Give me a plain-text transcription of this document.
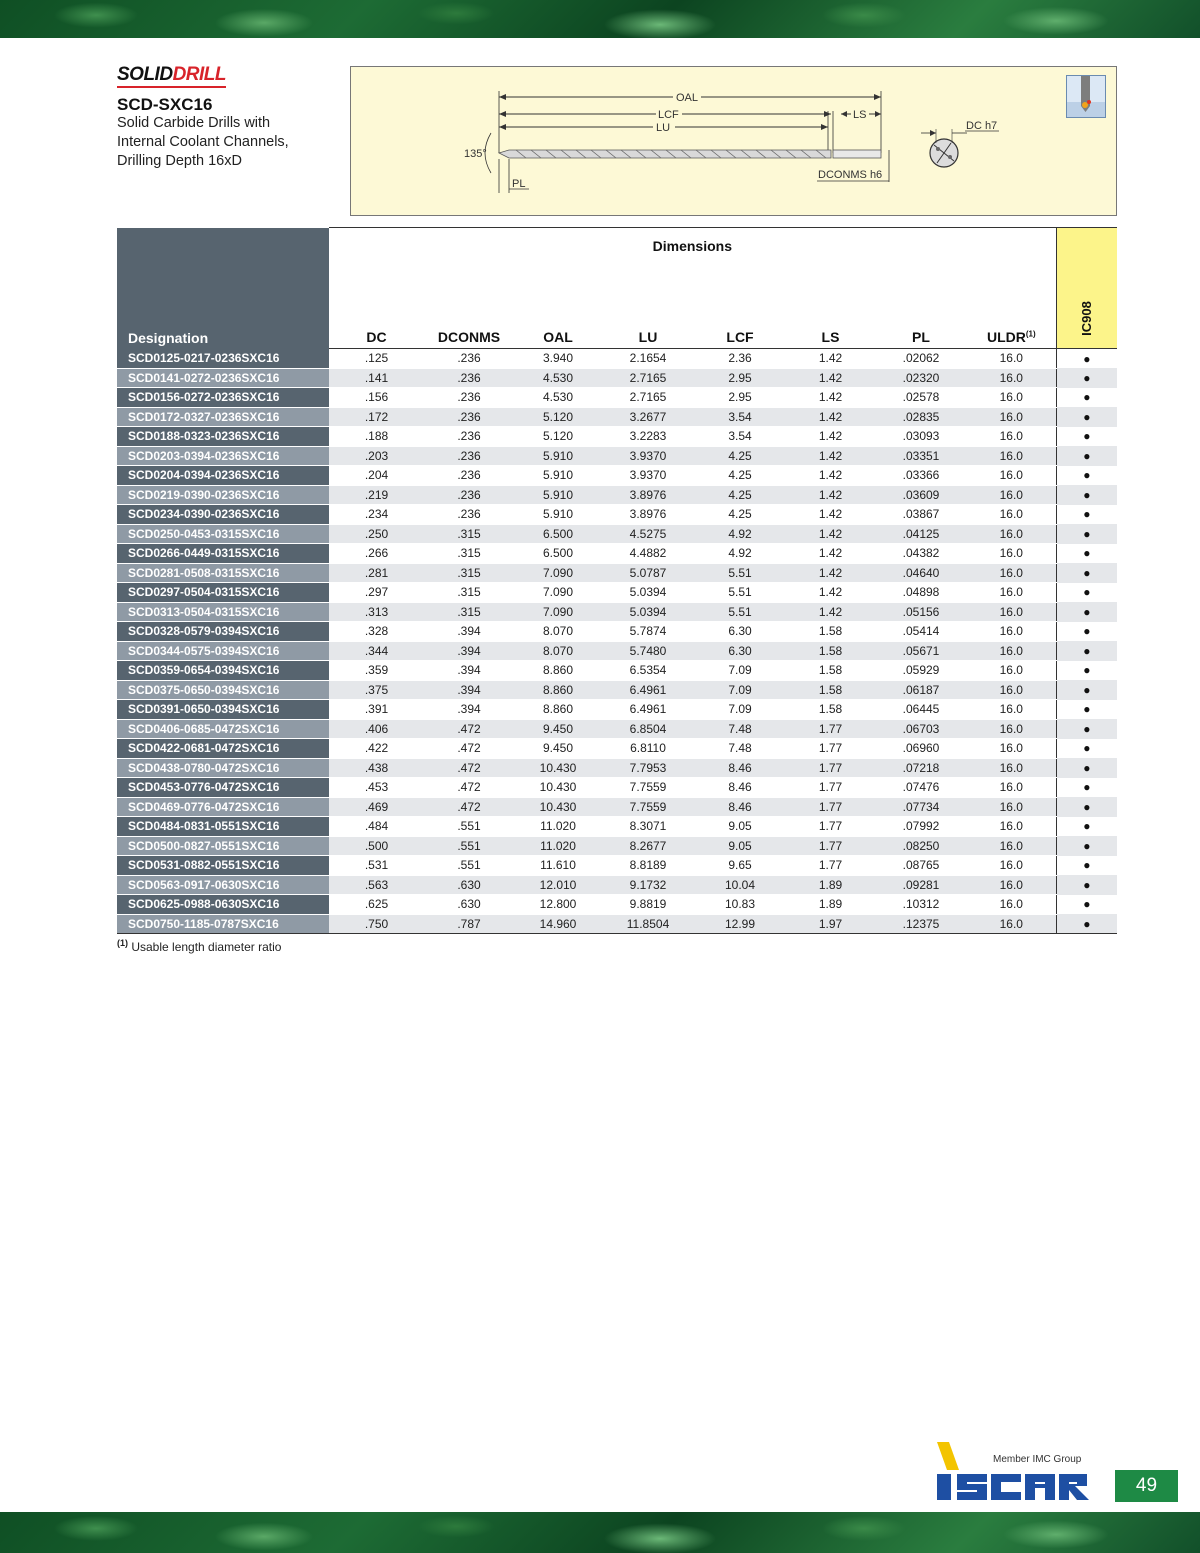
SOLIDDRILL
SCD-SXC16
Solid Carbide Drills with
Internal Coolant Channels,
Drilling Depth 16xD
OAL
LCF
LU
LS
135°
PL
DCONMS h6
DC h7
Designation	Dimensions								IC908

	DC	DCONMS	OAL	LU	LCF	LS	PL	ULDR$^{(1)}$
SCD0125-0217-0236SXC16	.125	.236	3.940	2.1654	2.36	1.42	.02062	16.0	●
SCD0141-0272-0236SXC16	.141	.236	4.530	2.7165	2.95	1.42	.02320	16.0	●
SCD0156-0272-0236SXC16	.156	.236	4.530	2.7165	2.95	1.42	.02578	16.0	●
SCD0172-0327-0236SXC16	.172	.236	5.120	3.2677	3.54	1.42	.02835	16.0	●
SCD0188-0323-0236SXC16	.188	.236	5.120	3.2283	3.54	1.42	.03093	16.0	●
SCD0203-0394-0236SXC16	.203	.236	5.910	3.9370	4.25	1.42	.03351	16.0	●
SCD0204-0394-0236SXC16	.204	.236	5.910	3.9370	4.25	1.42	.03366	16.0	●
SCD0219-0390-0236SXC16	.219	.236	5.910	3.8976	4.25	1.42	.03609	16.0	●
SCD0234-0390-0236SXC16	.234	.236	5.910	3.8976	4.25	1.42	.03867	16.0	●
SCD0250-0453-0315SXC16	.250	.315	6.500	4.5275	4.92	1.42	.04125	16.0	●
SCD0266-0449-0315SXC16	.266	.315	6.500	4.4882	4.92	1.42	.04382	16.0	●
SCD0281-0508-0315SXC16	.281	.315	7.090	5.0787	5.51	1.42	.04640	16.0	●
SCD0297-0504-0315SXC16	.297	.315	7.090	5.0394	5.51	1.42	.04898	16.0	●
SCD0313-0504-0315SXC16	.313	.315	7.090	5.0394	5.51	1.42	.05156	16.0	●
SCD0328-0579-0394SXC16	.328	.394	8.070	5.7874	6.30	1.58	.05414	16.0	●
SCD0344-0575-0394SXC16	.344	.394	8.070	5.7480	6.30	1.58	.05671	16.0	●
SCD0359-0654-0394SXC16	.359	.394	8.860	6.5354	7.09	1.58	.05929	16.0	●
SCD0375-0650-0394SXC16	.375	.394	8.860	6.4961	7.09	1.58	.06187	16.0	●
SCD0391-0650-0394SXC16	.391	.394	8.860	6.4961	7.09	1.58	.06445	16.0	●
SCD0406-0685-0472SXC16	.406	.472	9.450	6.8504	7.48	1.77	.06703	16.0	●
SCD0422-0681-0472SXC16	.422	.472	9.450	6.8110	7.48	1.77	.06960	16.0	●
SCD0438-0780-0472SXC16	.438	.472	10.430	7.7953	8.46	1.77	.07218	16.0	●
SCD0453-0776-0472SXC16	.453	.472	10.430	7.7559	8.46	1.77	.07476	16.0	●
SCD0469-0776-0472SXC16	.469	.472	10.430	7.7559	8.46	1.77	.07734	16.0	●
SCD0484-0831-0551SXC16	.484	.551	11.020	8.3071	9.05	1.77	.07992	16.0	●
SCD0500-0827-0551SXC16	.500	.551	11.020	8.2677	9.05	1.77	.08250	16.0	●
SCD0531-0882-0551SXC16	.531	.551	11.610	8.8189	9.65	1.77	.08765	16.0	●
SCD0563-0917-0630SXC16	.563	.630	12.010	9.1732	10.04	1.89	.09281	16.0	●
SCD0625-0988-0630SXC16	.625	.630	12.800	9.8819	10.83	1.89	.10312	16.0	●
SCD0750-1185-0787SXC16	.750	.787	14.960	11.8504	12.99	1.97	.12375	16.0	●
$^{(1)}$ Usable length diameter ratio
Member IMC Group
49
